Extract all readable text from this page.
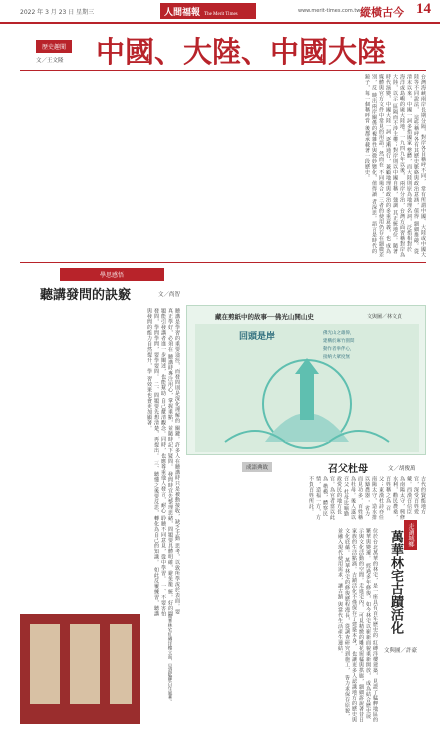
2022 年 3 月 23 日 星期三	人間福報 The Merit Times
www.merit-times.com.tw 縱橫古今 14
歷史趣聞 中國、大陸、中國大陸
文／王文隆
台灣海峽兩岸長期分隔，對岸各自稱呼不同， 常有所謂中國、大陸或中國大陸等不同說法， 這些稱呼各有其歷史脈絡與政治意涵，值得 細細推敲。從清末以來，中國一詞多指國家 整體，而大陸則原為地理名詞，泛指相對於 海洋或島嶼的廣大陸地。一九四九年以後， 兩岸分治，台灣方面習稱對岸為大陸，以示 區隔而不涉主權；對岸則以中國自稱，強調 其正統地位。隨著時代演變，中國大陸一詞 逐漸通行，兼顧地理與政治的多重意義，也 成為媒體與官方文件中常見的用語。然而在 不同場合，三者的使用仍存在細微差別，反 映出兩岸關係的複雜性與微妙變化，值得讀 者深思。語言是時代的鏡子，每一個稱呼背 後都承載著一段歷史。
學思感悟
聽講發問的訣竅	文／尚智
聽講是學習的重要途徑，而發問則是深化理解的 關鍵。許多人在聽講時只是被動接收，缺乏主動 思考，以致所學流於表面。要真正學好，必須在 聽講時專注用心，掌握重點，並隨時記下疑問。 發問時宜先整理思緒，問題要具體明確，避免籠 統。好的問題能引發講者進一步闡述，也能幫助 自己釐清觀念。同時，也應尊重他人發言，耐心 聆聽不同意見，從中學習。 一、不要害怕發問，學問學問，要學要問。 二、問題要先想清楚，再提出。 三、聽懂之後要反思，轉化為自己的知識。 如此反覆練習，聽講與發問的能力自然提升，學 習效果也會更加顯著。
藏在剪紙中的故事──佛光山開山史	文與圖／林文貞
回頭是岸	佛光山之雄偉，
建構於麻竹園間
動作者拳伴心，
接納大眾度無
成語典故	召父杜母	文／胡俊萬
古代的賢能地方官，深受百姓愛戴。西漢召信臣 為南陽太守，興修水利，勸民農桑，百姓稱之為 召父；東漢杜詩亦任南陽太守，造水排以鑄農器 ，省力而見功多，百姓稱為杜母。後人遂以召父 杜母比喻勤政愛民的地方長官。為官者當以此為 楷模，體察民情，造福一方，方不負百姓所託。
走讀城鄉
萬華林宅古蹟活化
文與圖／許豪
位於台北萬華的林宅，是一座具有百年歷史的 紅磚洋樓建築，見證了艋舺地區的繁華與變遷。 經過多年修復，如今林宅以嶄新面貌重新開放， 成為結合歷史展示與文化活動的空間。走進宅內， 可見精緻的雕花窗櫺與拱廊，細細訴說著昔日 家族的生活點滴。古蹟活化不僅保存了建築本身， 也讓更多人認識地方的歷史與文化底蘊。 萬華林宅的修復歷程漫長，從調查研究到施工， 皆力求保存原貌，並融入現代使用需求，讓古蹟 與當代生活產生連結。
萬華林宅紅磚洋樓立面，見證艋舺百年風華。
